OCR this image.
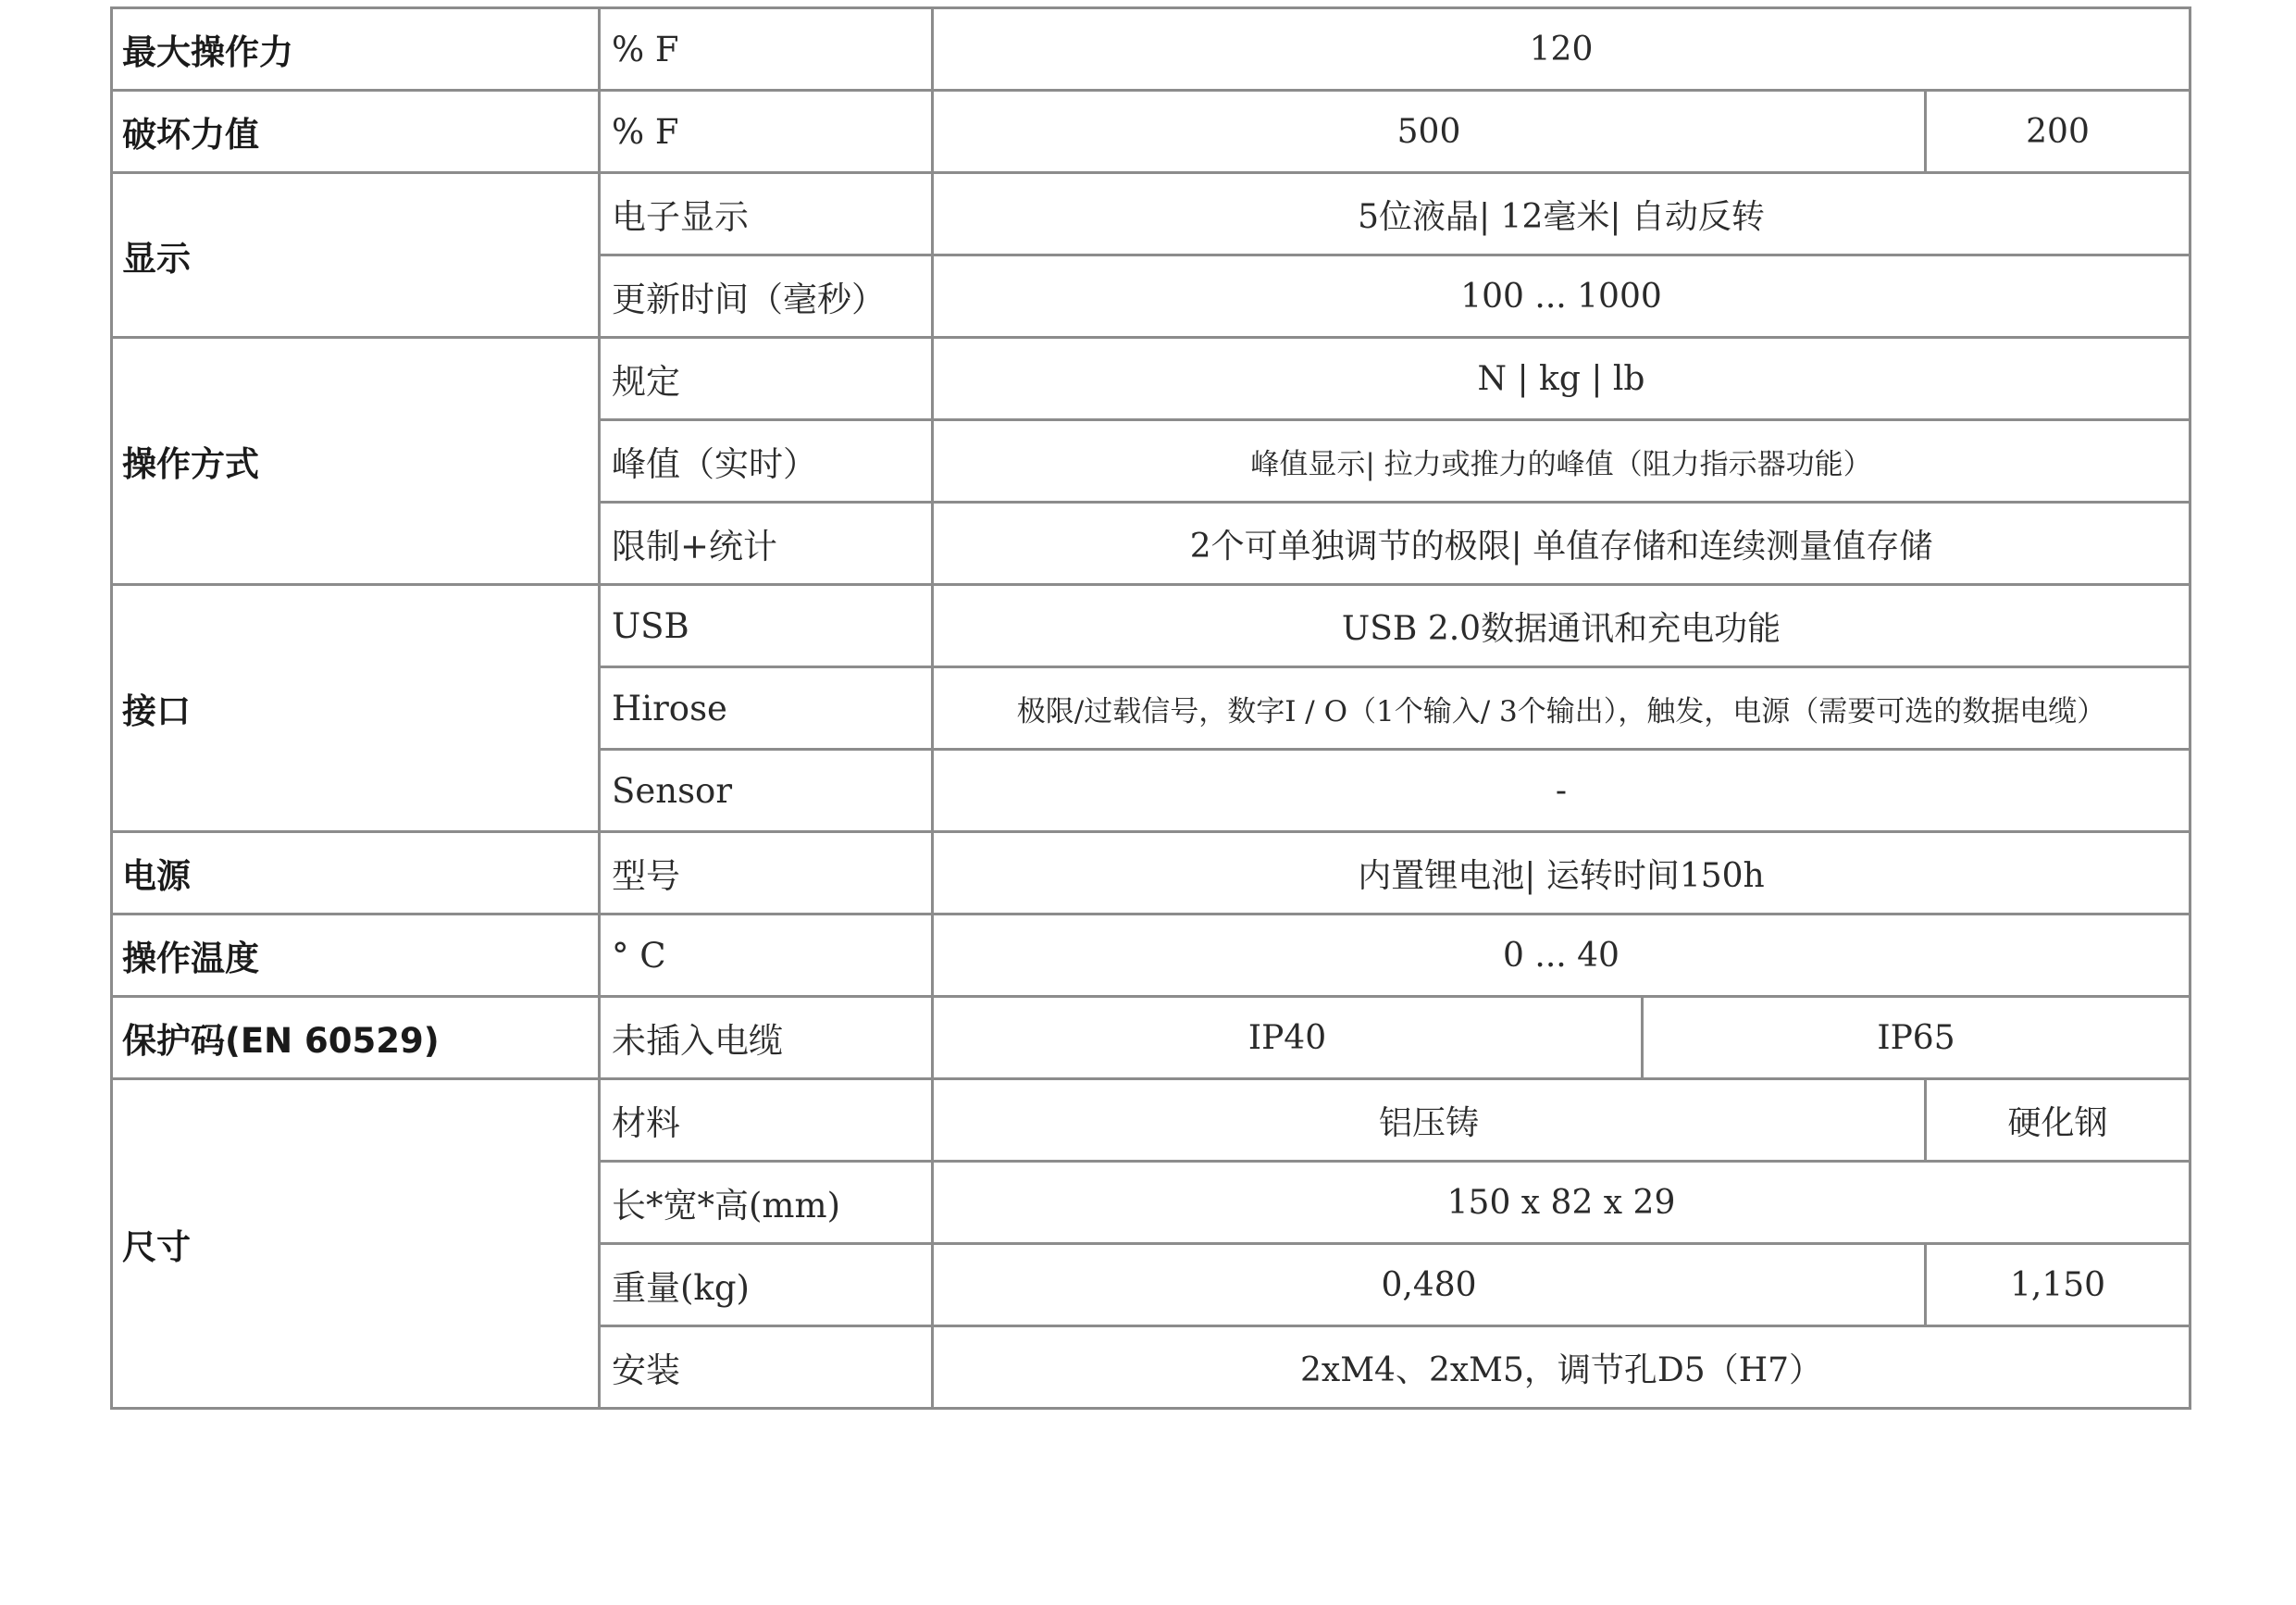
最大操作力	% F	120		
破坏力值	% F	500		200
显示	电子显示	5位液晶| 12毫米| 自动反转		
	更新时间（毫秒）	100 ... 1000		
操作方式	规定	N | kg | lb		
	峰值（实时）	峰值显示| 拉力或推力的峰值（阻力指示器功能）		
	限制+统计	2个可单独调节的极限| 单值存储和连续测量值存储		
接口	USB	USB 2.0数据通讯和充电功能		
	Hirose	极限/过载信号，数字I / O（1个输入/ 3个输出），触发，电源（需要可选的数据电缆）		
	Sensor	-		
电源	型号	内置锂电池| 运转时间150h		
操作温度	° C	0 ... 40		
保护码(EN 60529)	未插入电缆	IP40	IP65	
尺寸	材料	铝压铸		硬化钢
	长*宽*高(mm)	150 x 82 x 29		
	重量(kg)	0,480		1,150
	安装	2xM4、2xM5，调节孔D5（H7）		
